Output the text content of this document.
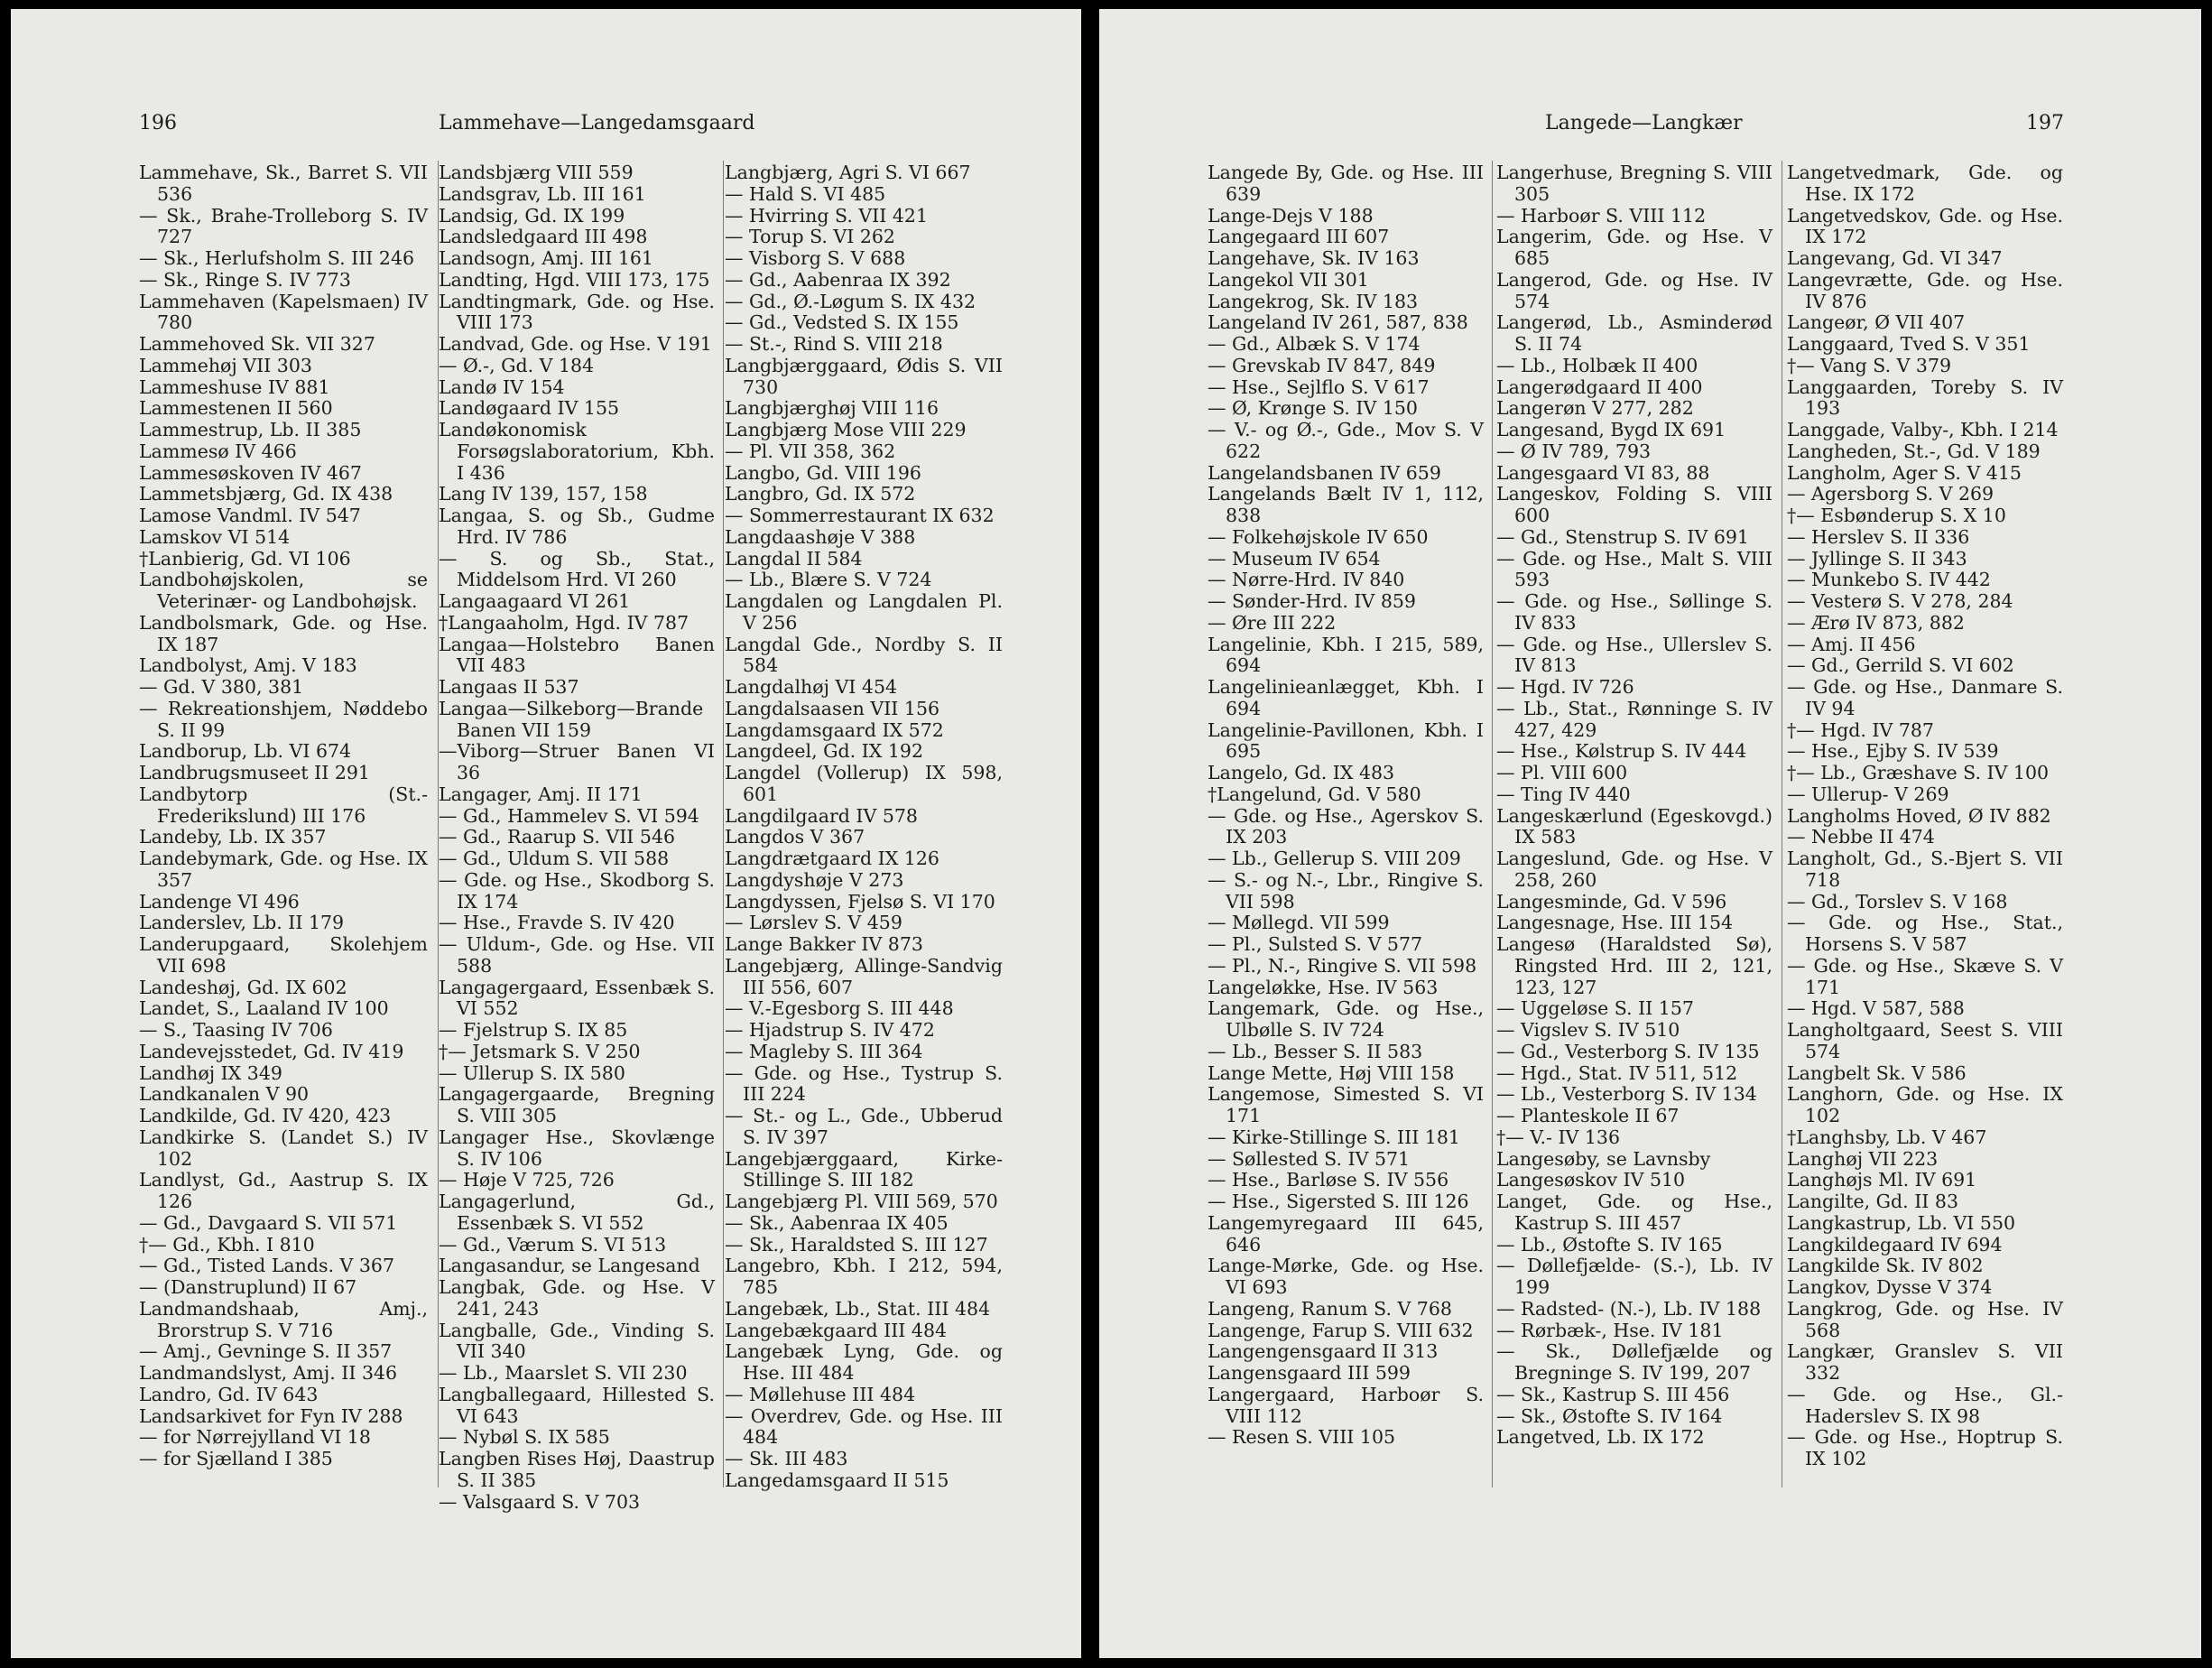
196	Lammehave—Langedamsgaard
Lammehave, Sk., Barret S. VII 536
— Sk., Brahe-Trolleborg S. IV 727
— Sk., Herlufsholm S. III 246
— Sk., Ringe S. IV 773
Lammehaven (Kapelsmaen) IV 780
Lammehoved Sk. VII 327
Lammehøj VII 303
Lammeshuse IV 881
Lammestenen II 560
Lammestrup, Lb. II 385
Lammesø IV 466
Lammesøskoven IV 467
Lammetsbjærg, Gd. IX 438
Lamose Vandml. IV 547
Lamskov VI 514
†Lanbierig, Gd. VI 106
Landbohøjskolen, se Veterinær- og Landbohøjsk.
Landbolsmark, Gde. og Hse. IX 187
Landbolyst, Amj. V 183
— Gd. V 380, 381
— Rekreationshjem, Nøddebo S. II 99
Landborup, Lb. VI 674
Landbrugsmuseet II 291
Landbytorp (St.-Frederikslund) III 176
Landeby, Lb. IX 357
Landebymark, Gde. og Hse. IX 357
Landenge VI 496
Landerslev, Lb. II 179
Landerupgaard, Skolehjem VII 698
Landeshøj, Gd. IX 602
Landet, S., Laaland IV 100
— S., Taasing IV 706
Landevejsstedet, Gd. IV 419
Landhøj IX 349
Landkanalen V 90
Landkilde, Gd. IV 420, 423
Landkirke S. (Landet S.) IV 102
Landlyst, Gd., Aastrup S. IX 126
— Gd., Davgaard S. VII 571
†— Gd., Kbh. I 810
— Gd., Tisted Lands. V 367
— (Danstruplund) II 67
Landmandshaab, Amj., Brorstrup S. V 716
— Amj., Gevninge S. II 357
Landmandslyst, Amj. II 346
Landro, Gd. IV 643
Landsarkivet for Fyn IV 288
— for Nørrejylland VI 18
— for Sjælland I 385
Landsbjærg VIII 559
Landsgrav, Lb. III 161
Landsig, Gd. IX 199
Landsledgaard III 498
Landsogn, Amj. III 161
Landting, Hgd. VIII 173, 175
Landtingmark, Gde. og Hse. VIII 173
Landvad, Gde. og Hse. V 191
— Ø.-, Gd. V 184
Landø IV 154
Landøgaard IV 155
Landøkonomisk Forsøgslaboratorium, Kbh. I 436
Lang IV 139, 157, 158
Langaa, S. og Sb., Gudme Hrd. IV 786
— S. og Sb., Stat., Middelsom Hrd. VI 260
Langaagaard VI 261
†Langaaholm, Hgd. IV 787
Langaa—Holstebro Banen VII 483
Langaas II 537
Langaa—Silkeborg—Brande Banen VII 159
—Viborg—Struer Banen VI 36
Langager, Amj. II 171
— Gd., Hammelev S. VI 594
— Gd., Raarup S. VII 546
— Gd., Uldum S. VII 588
— Gde. og Hse., Skodborg S. IX 174
— Hse., Fravde S. IV 420
— Uldum-, Gde. og Hse. VII 588
Langagergaard, Essenbæk S. VI 552
— Fjelstrup S. IX 85
†— Jetsmark S. V 250
— Ullerup S. IX 580
Langagergaarde, Bregning S. VIII 305
Langager Hse., Skovlænge S. IV 106
— Høje V 725, 726
Langagerlund, Gd., Essenbæk S. VI 552
— Gd., Værum S. VI 513
Langasandur, se Langesand
Langbak, Gde. og Hse. V 241, 243
Langballe, Gde., Vinding S. VII 340
— Lb., Maarslet S. VII 230
Langballegaard, Hillested S. VI 643
— Nybøl S. IX 585
Langben Rises Høj, Daastrup S. II 385
— Valsgaard S. V 703
Langbjærg, Agri S. VI 667
— Hald S. VI 485
— Hvirring S. VII 421
— Torup S. VI 262
— Visborg S. V 688
— Gd., Aabenraa IX 392
— Gd., Ø.-Løgum S. IX 432
— Gd., Vedsted S. IX 155
— St.-, Rind S. VIII 218
Langbjærggaard, Ødis S. VII 730
Langbjærghøj VIII 116
Langbjærg Mose VIII 229
— Pl. VII 358, 362
Langbo, Gd. VIII 196
Langbro, Gd. IX 572
— Sommerrestaurant IX 632
Langdaashøje V 388
Langdal II 584
— Lb., Blære S. V 724
Langdalen og Langdalen Pl. V 256
Langdal Gde., Nordby S. II 584
Langdalhøj VI 454
Langdalsaasen VII 156
Langdamsgaard IX 572
Langdeel, Gd. IX 192
Langdel (Vollerup) IX 598, 601
Langdilgaard IV 578
Langdos V 367
Langdrætgaard IX 126
Langdyshøje V 273
Langdyssen, Fjelsø S. VI 170
— Lørslev S. V 459
Lange Bakker IV 873
Langebjærg, Allinge-Sandvig III 556, 607
— V.-Egesborg S. III 448
— Hjadstrup S. IV 472
— Magleby S. III 364
— Gde. og Hse., Tystrup S. III 224
— St.- og L., Gde., Ubberud S. IV 397
Langebjærggaard, Kirke-Stillinge S. III 182
Langebjærg Pl. VIII 569, 570
— Sk., Aabenraa IX 405
— Sk., Haraldsted S. III 127
Langebro, Kbh. I 212, 594, 785
Langebæk, Lb., Stat. III 484
Langebækgaard III 484
Langebæk Lyng, Gde. og Hse. III 484
— Møllehuse III 484
— Overdrev, Gde. og Hse. III 484
— Sk. III 483
Langedamsgaard II 515
Langede—Langkær	197
Langede By, Gde. og Hse. III 639
Lange-Dejs V 188
Langegaard III 607
Langehave, Sk. IV 163
Langekol VII 301
Langekrog, Sk. IV 183
Langeland IV 261, 587, 838
— Gd., Albæk S. V 174
— Grevskab IV 847, 849
— Hse., Sejlflo S. V 617
— Ø, Krønge S. IV 150
— V.- og Ø.-, Gde., Mov S. V 622
Langelandsbanen IV 659
Langelands Bælt IV 1, 112, 838
— Folkehøjskole IV 650
— Museum IV 654
— Nørre-Hrd. IV 840
— Sønder-Hrd. IV 859
— Øre III 222
Langelinie, Kbh. I 215, 589, 694
Langelinieanlægget, Kbh. I 694
Langelinie-Pavillonen, Kbh. I 695
Langelo, Gd. IX 483
†Langelund, Gd. V 580
— Gde. og Hse., Agerskov S. IX 203
— Lb., Gellerup S. VIII 209
— S.- og N.-, Lbr., Ringive S. VII 598
— Møllegd. VII 599
— Pl., Sulsted S. V 577
— Pl., N.-, Ringive S. VII 598
Langeløkke, Hse. IV 563
Langemark, Gde. og Hse., Ulbølle S. IV 724
— Lb., Besser S. II 583
Lange Mette, Høj VIII 158
Langemose, Simested S. VI 171
— Kirke-Stillinge S. III 181
— Søllested S. IV 571
— Hse., Barløse S. IV 556
— Hse., Sigersted S. III 126
Langemyregaard III 645, 646
Lange-Mørke, Gde. og Hse. VI 693
Langeng, Ranum S. V 768
Langenge, Farup S. VIII 632
Langengensgaard II 313
Langensgaard III 599
Langergaard, Harboør S. VIII 112
— Resen S. VIII 105
Langerhuse, Bregning S. VIII 305
— Harboør S. VIII 112
Langerim, Gde. og Hse. V 685
Langerod, Gde. og Hse. IV 574
Langerød, Lb., Asminderød S. II 74
— Lb., Holbæk II 400
Langerødgaard II 400
Langerøn V 277, 282
Langesand, Bygd IX 691
— Ø IV 789, 793
Langesgaard VI 83, 88
Langeskov, Folding S. VIII 600
— Gd., Stenstrup S. IV 691
— Gde. og Hse., Malt S. VIII 593
— Gde. og Hse., Søllinge S. IV 833
— Gde. og Hse., Ullerslev S. IV 813
— Hgd. IV 726
— Lb., Stat., Rønninge S. IV 427, 429
— Hse., Kølstrup S. IV 444
— Pl. VIII 600
— Ting IV 440
Langeskærlund (Egeskovgd.) IX 583
Langeslund, Gde. og Hse. V 258, 260
Langesminde, Gd. V 596
Langesnage, Hse. III 154
Langesø (Haraldsted Sø), Ringsted Hrd. III 2, 121, 123, 127
— Uggeløse S. II 157
— Vigslev S. IV 510
— Gd., Vesterborg S. IV 135
— Hgd., Stat. IV 511, 512
— Lb., Vesterborg S. IV 134
— Planteskole II 67
†— V.- IV 136
Langesøby, se Lavnsby
Langesøskov IV 510
Langet, Gde. og Hse., Kastrup S. III 457
— Lb., Østofte S. IV 165
— Døllefjælde- (S.-), Lb. IV 199
— Radsted- (N.-), Lb. IV 188
— Rørbæk-, Hse. IV 181
— Sk., Døllefjælde og Bregninge S. IV 199, 207
— Sk., Kastrup S. III 456
— Sk., Østofte S. IV 164
Langetved, Lb. IX 172
Langetvedmark, Gde. og Hse. IX 172
Langetvedskov, Gde. og Hse. IX 172
Langevang, Gd. VI 347
Langevrætte, Gde. og Hse. IV 876
Langeør, Ø VII 407
Langgaard, Tved S. V 351
†— Vang S. V 379
Langgaarden, Toreby S. IV 193
Langgade, Valby-, Kbh. I 214
Langheden, St.-, Gd. V 189
Langholm, Ager S. V 415
— Agersborg S. V 269
†— Esbønderup S. X 10
— Herslev S. II 336
— Jyllinge S. II 343
— Munkebo S. IV 442
— Vesterø S. V 278, 284
— Ærø IV 873, 882
— Amj. II 456
— Gd., Gerrild S. VI 602
— Gde. og Hse., Danmare S. IV 94
†— Hgd. IV 787
— Hse., Ejby S. IV 539
†— Lb., Græshave S. IV 100
— Ullerup- V 269
Langholms Hoved, Ø IV 882
— Nebbe II 474
Langholt, Gd., S.-Bjert S. VII 718
— Gd., Torslev S. V 168
— Gde. og Hse., Stat., Horsens S. V 587
— Gde. og Hse., Skæve S. V 171
— Hgd. V 587, 588
Langholtgaard, Seest S. VIII 574
Langbelt Sk. V 586
Langhorn, Gde. og Hse. IX 102
†Langhsby, Lb. V 467
Langhøj VII 223
Langhøjs Ml. IV 691
Langilte, Gd. II 83
Langkastrup, Lb. VI 550
Langkildegaard IV 694
Langkilde Sk. IV 802
Langkov, Dysse V 374
Langkrog, Gde. og Hse. IV 568
Langkær, Granslev S. VII 332
— Gde. og Hse., Gl.-Haderslev S. IX 98
— Gde. og Hse., Hoptrup S. IX 102
